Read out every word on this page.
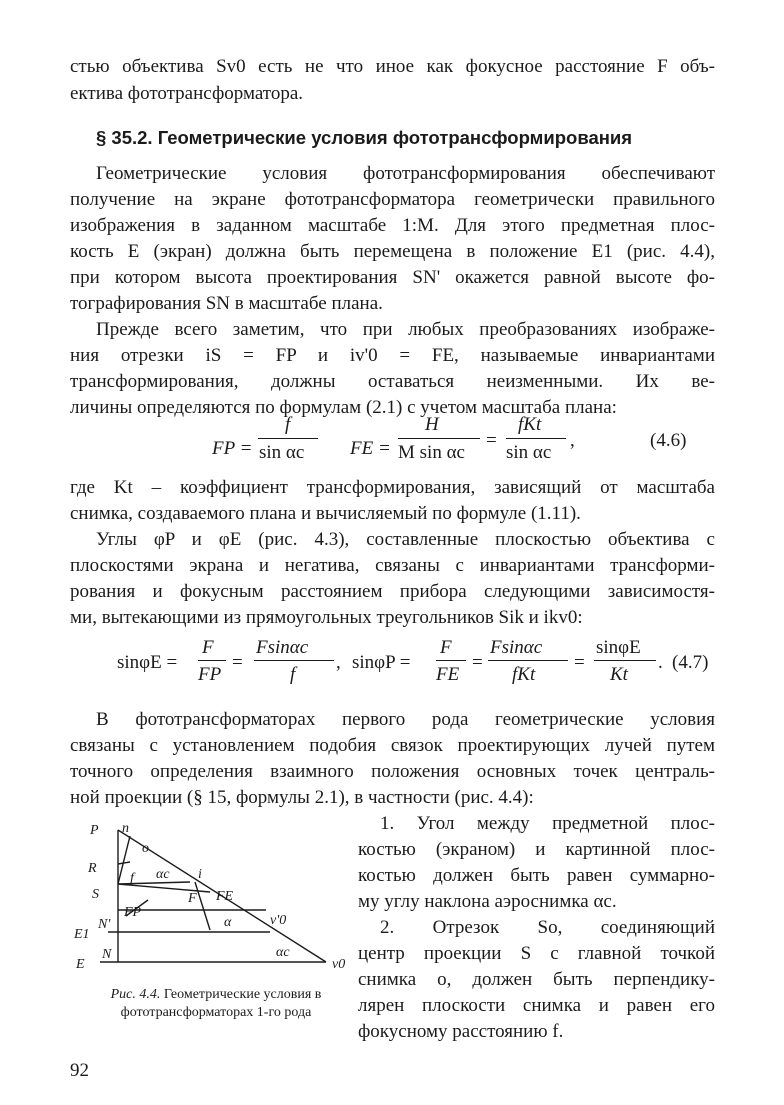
стью объектива Sv0 есть не что иное как фокусное расстояние F объ-
ектива фототрансформатора.
§ 35.2. Геометрические условия фототрансформирования
Геометрические условия фототрансформирования обеспечивают
получение на экране фототрансформатора геометрически правильного
изображения в заданном масштабе 1:M. Для этого предметная плос-
кость E (экран) должна быть перемещена в положение E1 (рис. 4.4),
при котором высота проектирования SN' окажется равной высоте фо-
тографирования SN в масштабе плана.
Прежде всего заметим, что при любых преобразованиях изображе-
ния отрезки iS = FP и iv'0 = FE, называемые инвариантами
трансформирования, должны оставаться неизменными. Их ве-
личины определяются по формулам (2.1) с учетом масштаба плана:
FP =
f
sin αc FE =
H
M sin αc
=
fKt
sin αc
,	(4.6)
где Kt – коэффициент трансформирования, зависящий от масштаба
снимка, создаваемого плана и вычисляемый по формуле (1.11).
Углы φP и φE (рис. 4.3), составленные плоскостью объектива с
плоскостями экрана и негатива, связаны с инвариантами трансформи-
рования и фокусным расстоянием прибора следующими зависимостя-
ми, вытекающими из прямоугольных треугольников Sik и ikv0:
sinφE =
F
FP
=
Fsinαc
f
, sinφP =
F
FE
=
Fsinαc
fKt
=
sinφE
Kt
. (4.7)
В фототрансформаторах первого рода геометрические условия
связаны с установлением подобия связок проектирующих лучей путем
точного определения взаимного положения основных точек централь-
ной проекции (§ 15, формулы 2.1), в частности (рис. 4.4):
1. Угол между предметной плос-
костью (экраном) и картинной плос-
костью должен быть равен суммарно-
му углу наклона аэроснимка αc.
2. Отрезок So, соединяющий
центр проекции S с главной точкой
снимка o, должен быть перпендику-
лярен плоскости снимка и равен его
фокусному расстоянию f.
P n
o
R	αc i
S
f
F FE
FP
α	v'0
N'
E1
E
N	αc
v0
Рис. 4.4. Геометрические условия в фототрансформаторах 1-го рода
92
